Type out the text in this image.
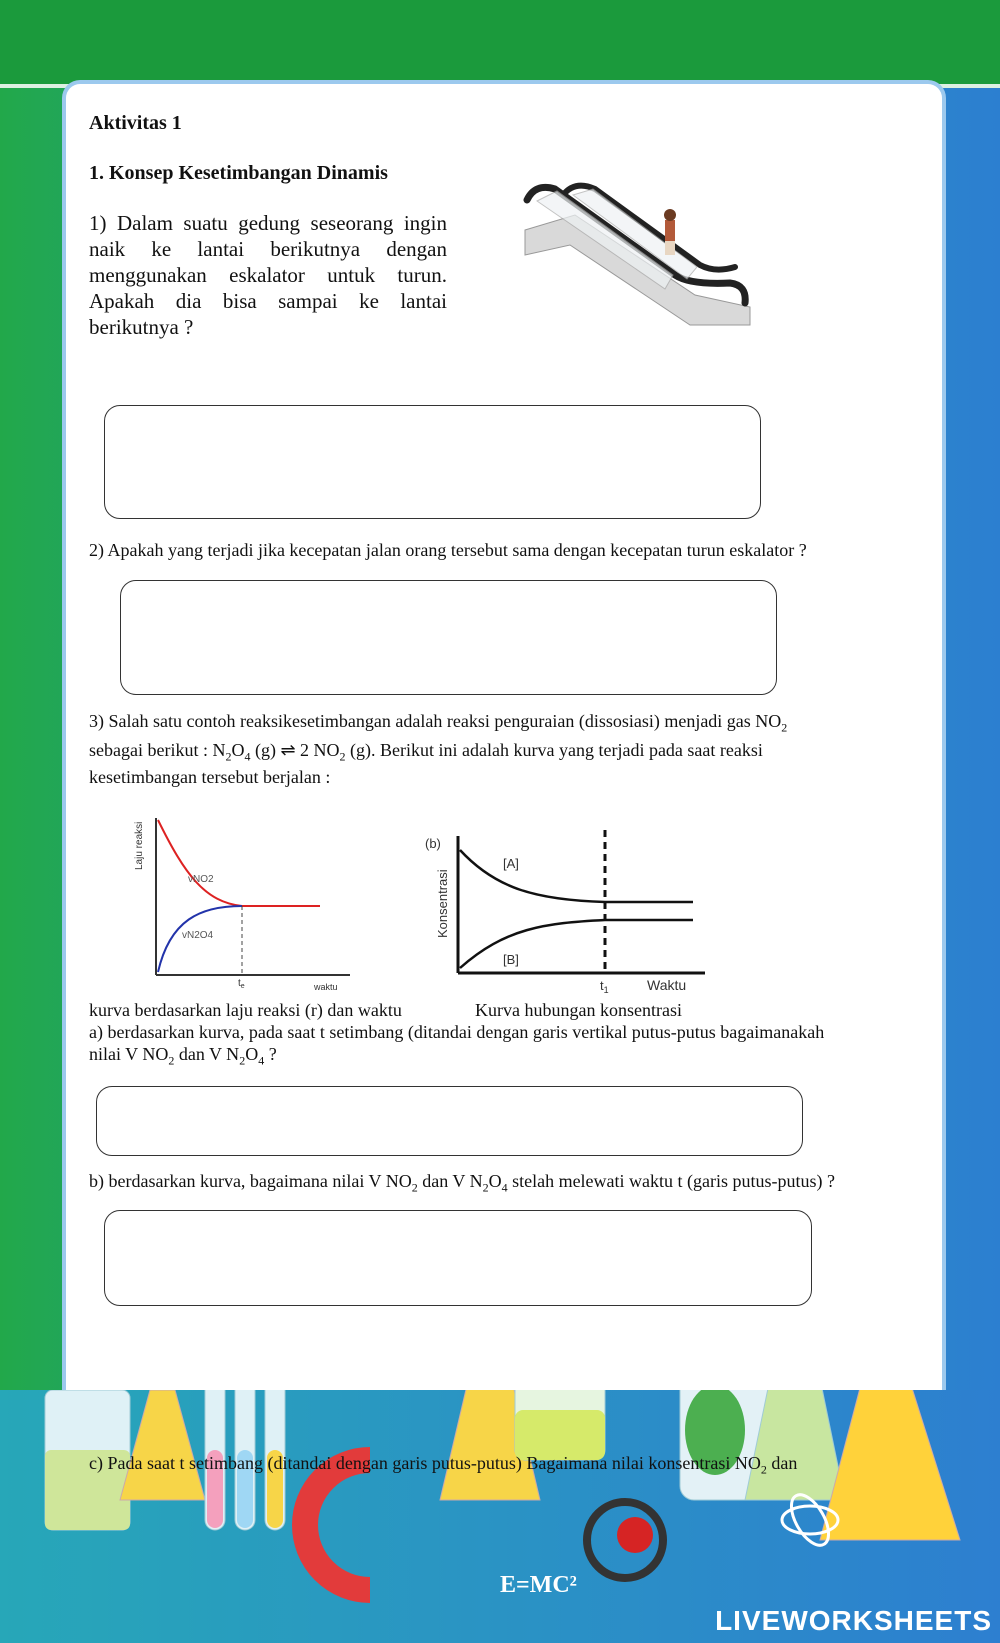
Aktivitas 1
1. Konsep Kesetimbangan Dinamis
1) Dalam suatu gedung seseorang ingin naik ke lantai berikutnya dengan menggunakan eskalator untuk turun. Apakah dia bisa sampai ke lantai berikutnya ?
2) Apakah yang terjadi jika kecepatan jalan orang tersebut sama dengan kecepatan turun eskalator ?
3) Salah satu contoh reaksikesetimbangan adalah reaksi penguraian (dissosiasi) menjadi gas $NO_2$
sebagai berikut : $N_2O_4$ (g) ⇌ 2 $NO_2$ (g). Berikut ini adalah kurva yang terjadi pada saat reaksi
kesetimbangan tersebut berjalan :
Laju reaksi
vNO2
vN2O4
$t_e$	waktu
(b)
Konsentrasi
[A]
[B]
$t_1$	Waktu
kurva berdasarkan laju reaksi (r) dan waktu	Kurva hubungan konsentrasi
a) berdasarkan kurva, pada saat t setimbang (ditandai dengan garis vertikal putus-putus bagaimanakah
nilai V $NO_2$ dan V $N_2O_4$ ?
b) berdasarkan kurva, bagaimana nilai V $NO_2$ dan V $N_2O_4$ stelah melewati waktu t (garis putus-putus) ?
c) Pada saat t setimbang (ditandai dengan garis putus-putus) Bagaimana nilai konsentrasi $NO_2$ dan
E=MC²
LIVEWORKSHEETS
